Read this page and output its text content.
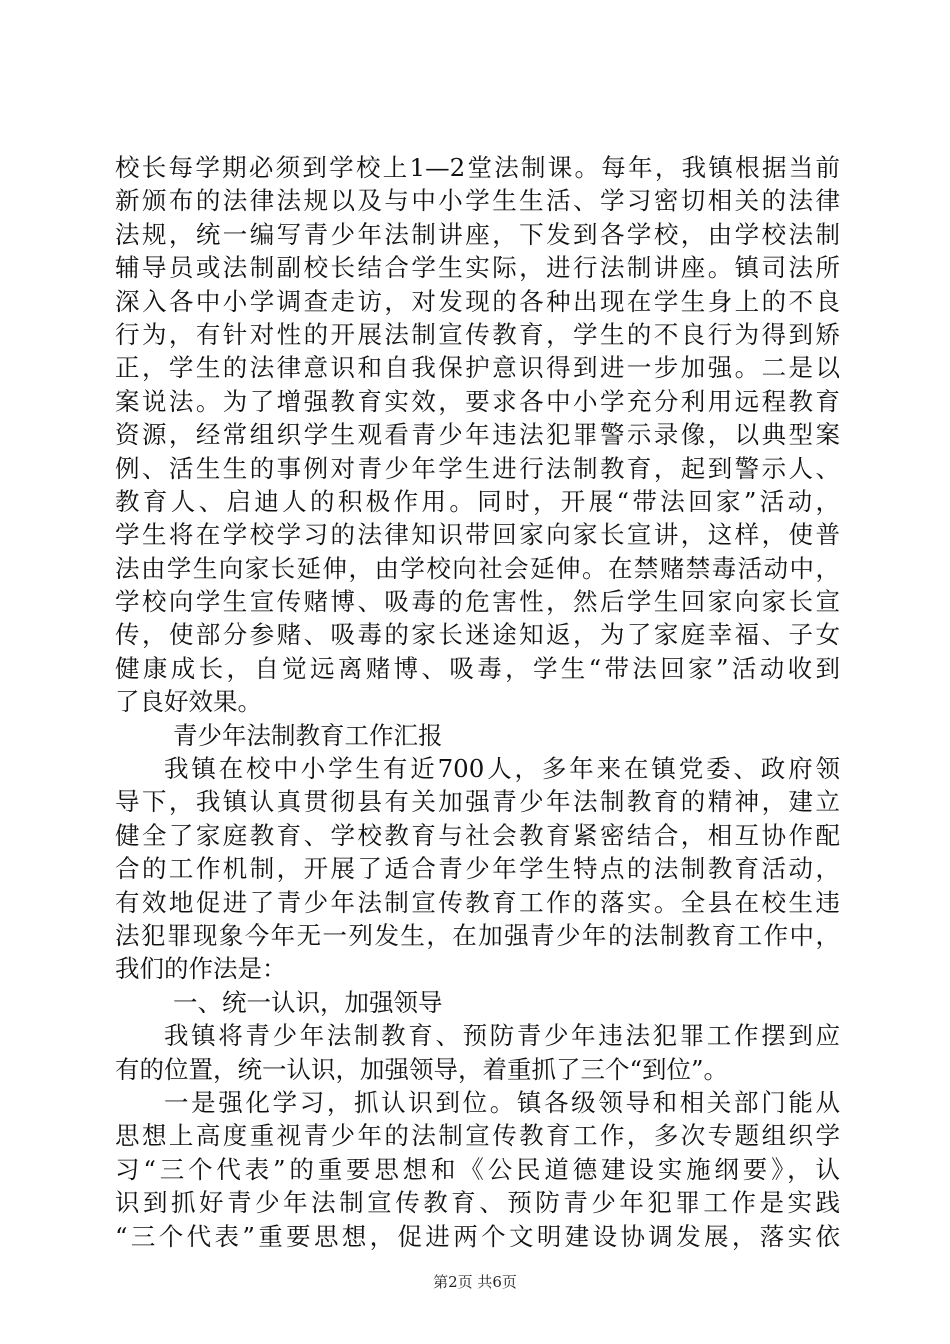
校长每学期必须到学校上1—2堂法制课。每年，我镇根据当前
新颁布的法律法规以及与中小学生生活、学习密切相关的法律
法规，统一编写青少年法制讲座，下发到各学校，由学校法制
辅导员或法制副校长结合学生实际，进行法制讲座。镇司法所
深入各中小学调查走访，对发现的各种出现在学生身上的不良
行为，有针对性的开展法制宣传教育，学生的不良行为得到矫
正，学生的法律意识和自我保护意识得到进一步加强。二是以
案说法。为了增强教育实效，要求各中小学充分利用远程教育
资源，经常组织学生观看青少年违法犯罪警示录像，以典型案
例、活生生的事例对青少年学生进行法制教育，起到警示人、
教育人、启迪人的积极作用。同时，开展“带法回家”活动，
学生将在学校学习的法律知识带回家向家长宣讲，这样，使普
法由学生向家长延伸，由学校向社会延伸。在禁赌禁毒活动中，
学校向学生宣传赌博、吸毒的危害性，然后学生回家向家长宣
传，使部分参赌、吸毒的家长迷途知返，为了家庭幸福、子女
健康成长，自觉远离赌博、吸毒，学生“带法回家”活动收到
了良好效果。
青少年法制教育工作汇报
我镇在校中小学生有近700人，多年来在镇党委、政府领
导下，我镇认真贯彻县有关加强青少年法制教育的精神，建立
健全了家庭教育、学校教育与社会教育紧密结合，相互协作配
合的工作机制，开展了适合青少年学生特点的法制教育活动，
有效地促进了青少年法制宣传教育工作的落实。全县在校生违
法犯罪现象今年无一列发生，在加强青少年的法制教育工作中，
我们的作法是：
一、统一认识，加强领导
我镇将青少年法制教育、预防青少年违法犯罪工作摆到应
有的位置，统一认识，加强领导，着重抓了三个“到位”。
一是强化学习，抓认识到位。镇各级领导和相关部门能从
思想上高度重视青少年的法制宣传教育工作，多次专题组织学
习“三个代表”的重要思想和《公民道德建设实施纲要》，认
识到抓好青少年法制宣传教育、预防青少年犯罪工作是实践
“三个代表”重要思想，促进两个文明建设协调发展，落实依
第2页 共6页
